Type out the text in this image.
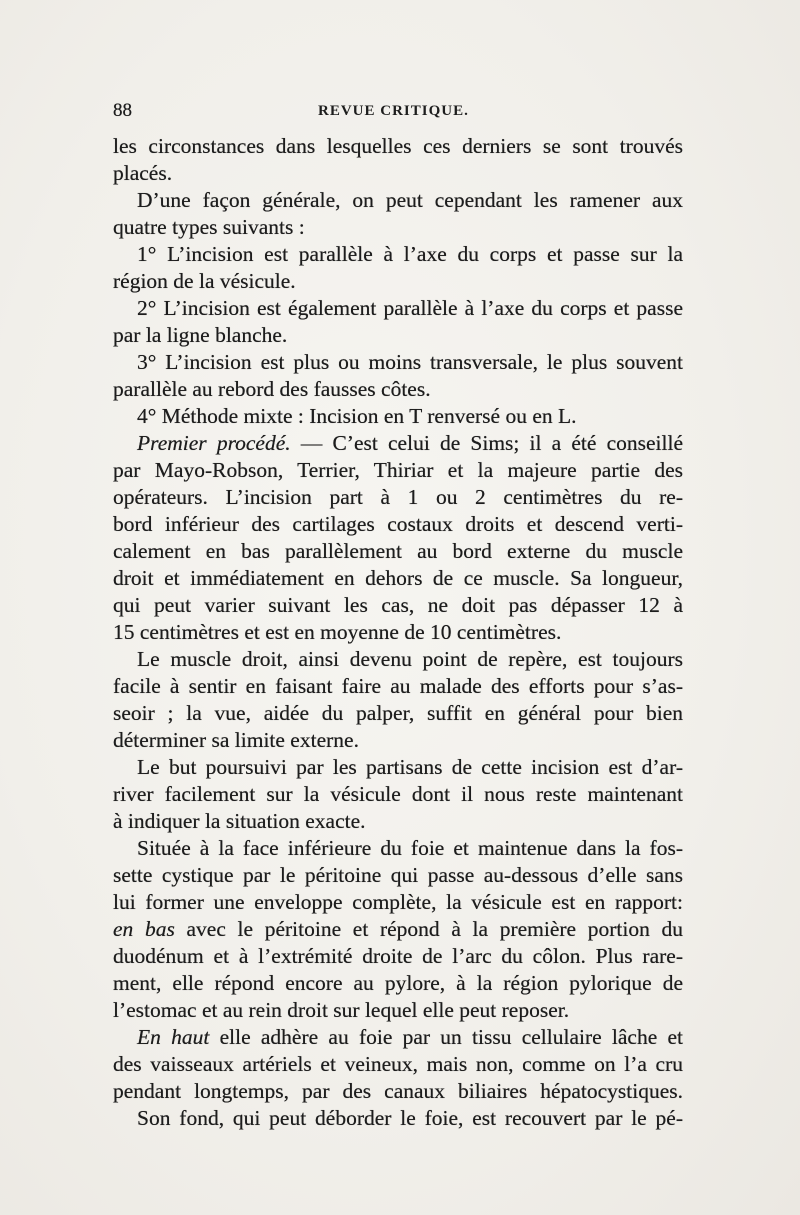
88	REVUE CRITIQUE.
les circonstances dans lesquelles ces derniers se sont trouvés
placés.
D’une façon générale, on peut cependant les ramener aux
quatre types suivants :
1° L’incision est parallèle à l’axe du corps et passe sur la
région de la vésicule.
2° L’incision est également parallèle à l’axe du corps et passe
par la ligne blanche.
3° L’incision est plus ou moins transversale, le plus souvent
parallèle au rebord des fausses côtes.
4° Méthode mixte : Incision en T renversé ou en L.
Premier procédé. — C’est celui de Sims; il a été conseillé
par Mayo-Robson, Terrier, Thiriar et la majeure partie des
opérateurs. L’incision part à 1 ou 2 centimètres du re-
bord inférieur des cartilages costaux droits et descend verti-
calement en bas parallèlement au bord externe du muscle
droit et immédiatement en dehors de ce muscle. Sa longueur,
qui peut varier suivant les cas, ne doit pas dépasser 12 à
15 centimètres et est en moyenne de 10 centimètres.
Le muscle droit, ainsi devenu point de repère, est toujours
facile à sentir en faisant faire au malade des efforts pour s’as-
seoir ; la vue, aidée du palper, suffit en général pour bien
déterminer sa limite externe.
Le but poursuivi par les partisans de cette incision est d’ar-
river facilement sur la vésicule dont il nous reste maintenant
à indiquer la situation exacte.
Située à la face inférieure du foie et maintenue dans la fos-
sette cystique par le péritoine qui passe au-dessous d’elle sans
lui former une enveloppe complète, la vésicule est en rapport:
en bas avec le péritoine et répond à la première portion du
duodénum et à l’extrémité droite de l’arc du côlon. Plus rare-
ment, elle répond encore au pylore, à la région pylorique de
l’estomac et au rein droit sur lequel elle peut reposer.
En haut elle adhère au foie par un tissu cellulaire lâche et
des vaisseaux artériels et veineux, mais non, comme on l’a cru
pendant longtemps, par des canaux biliaires hépatocystiques.
Son fond, qui peut déborder le foie, est recouvert par le pé-
